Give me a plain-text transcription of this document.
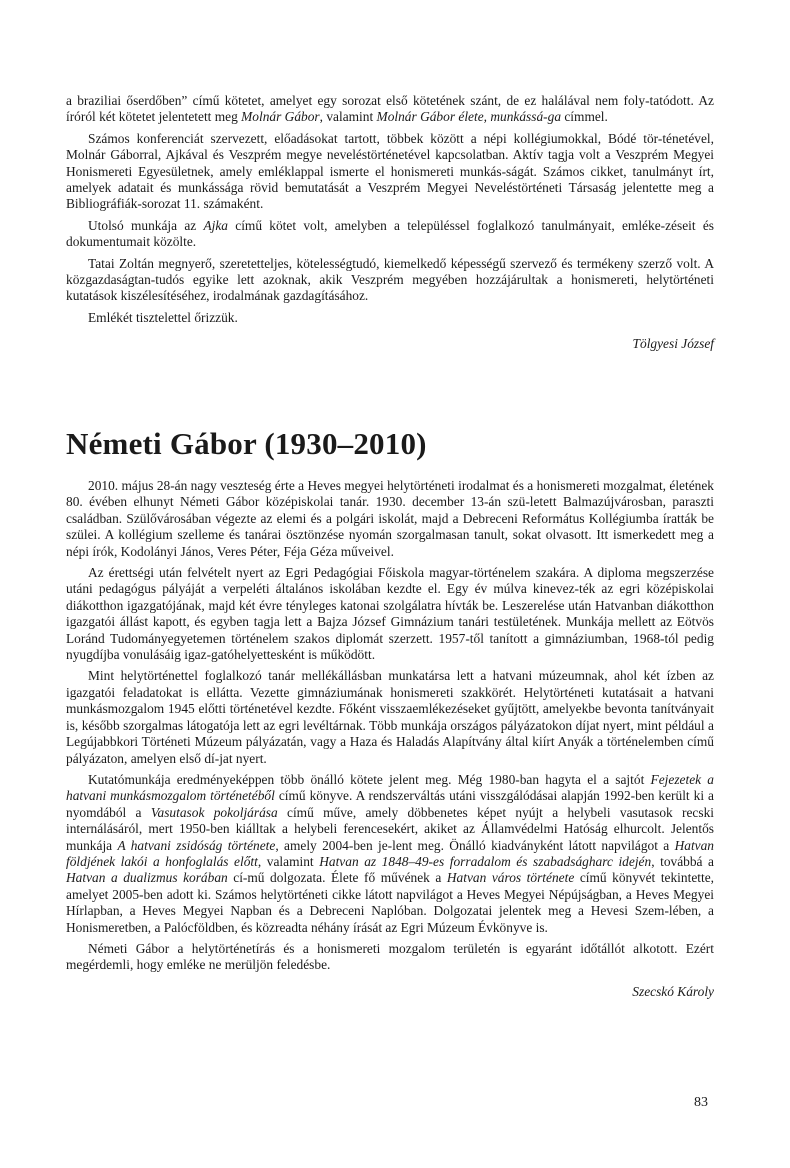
a braziliai őserdőben” című kötetet, amelyet egy sorozat első kötetének szánt, de ez halálával nem foly-tatódott. Az íróról két kötetet jelentetett meg Molnár Gábor, valamint Molnár Gábor élete, munkássá-ga címmel.

Számos konferenciát szervezett, előadásokat tartott, többek között a népi kollégiumokkal, Bódé tör-ténetével, Molnár Gáborral, Ajkával és Veszprém megye neveléstörténetével kapcsolatban. Aktív tagja volt a Veszprém Megyei Honismereti Egyesületnek, amely emléklappal ismerte el honismereti munkás-ságát. Számos cikket, tanulmányt írt, amelyek adatait és munkássága rövid bemutatását a Veszprém Megyei Neveléstörténeti Társaság jelentette meg a Bibliográfiák-sorozat 11. számaként.

Utolsó munkája az Ajka című kötet volt, amelyben a településsel foglalkozó tanulmányait, emléke-zéseit és dokumentumait közölte.

Tatai Zoltán megnyerő, szeretetteljes, kötelességtudó, kiemelkedő képességű szervező és termékeny szerző volt. A közgazdaságtan-tudós egyike lett azoknak, akik Veszprém megyében hozzájárultak a honismereti, helytörténeti kutatások kiszélesítéséhez, irodalmának gazdagításához.

Emlékét tisztelettel őrizzük.

Tölgyesi József

Németi Gábor (1930–2010)

2010. május 28-án nagy veszteség érte a Heves megyei helytörténeti irodalmat és a honismereti mozgalmat, életének 80. évében elhunyt Németi Gábor középiskolai tanár. 1930. december 13-án szü-letett Balmazújvárosban, paraszti családban. Szülővárosában végezte az elemi és a polgári iskolát, majd a Debreceni Református Kollégiumba íratták be szülei. A kollégium szelleme és tanárai ösztönzése nyomán szorgalmasan tanult, sokat olvasott. Itt ismerkedett meg a népi írók, Kodolányi János, Veres Péter, Féja Géza műveivel.

Az érettségi után felvételt nyert az Egri Pedagógiai Főiskola magyar-történelem szakára. A diploma megszerzése utáni pedagógus pályáját a verpeléti általános iskolában kezdte el. Egy év múlva kinevez-ték az egri középiskolai diákotthon igazgatójának, majd két évre tényleges katonai szolgálatra hívták be. Leszerelése után Hatvanban diákotthon igazgatói állást kapott, és egyben tagja lett a Bajza József Gimnázium tanári testületének. Munkája mellett az Eötvös Loránd Tudományegyetemen történelem szakos diplomát szerzett. 1957-től tanított a gimnáziumban, 1968-tól pedig nyugdíjba vonulásáig igaz-gatóhelyettesként is működött.

Mint helytörténettel foglalkozó tanár mellékállásban munkatársa lett a hatvani múzeumnak, ahol két ízben az igazgatói feladatokat is ellátta. Vezette gimnáziumának honismereti szakkörét. Helytörténeti kutatásait a hatvani munkásmozgalom 1945 előtti történetével kezdte. Főként visszaemlékezéseket gyűjtött, amelyekbe bevonta tanítványait is, később szorgalmas látogatója lett az egri levéltárnak. Több munkája országos pályázatokon díjat nyert, mint például a Legújabbkori Történeti Múzeum pályázatán, vagy a Haza és Haladás Alapítvány által kiírt Anyák a történelemben című pályázaton, amelyen első dí-jat nyert.

Kutatómunkája eredményeképpen több önálló kötete jelent meg. Még 1980-ban hagyta el a sajtót Fejezetek a hatvani munkásmozgalom történetéből című könyve. A rendszerváltás utáni visszgálódásai alapján 1992-ben került ki a nyomdából a Vasutasok pokoljárása című műve, amely döbbenetes képet nyújt a helybeli vasutasok recski internálásáról, mert 1950-ben kiálltak a helybeli ferencesekért, akiket az Államvédelmi Hatóság elhurcolt. Jelentős munkája A hatvani zsidóság története, amely 2004-ben je-lent meg. Önálló kiadványként látott napvilágot a Hatvan földjének lakói a honfoglalás előtt, valamint Hatvan az 1848–49-es forradalom és szabadságharc idején, továbbá a Hatvan a dualizmus korában cí-mű dolgozata. Élete fő művének a Hatvan város története című könyvét tekintette, amelyet 2005-ben adott ki. Számos helytörténeti cikke látott napvilágot a Heves Megyei Népújságban, a Heves Megyei Hírlapban, a Heves Megyei Napban és a Debreceni Naplóban. Dolgozatai jelentek meg a Hevesi Szem-lében, a Honismeretben, a Palócföldben, és közreadta néhány írását az Egri Múzeum Évkönyve is.

Németi Gábor a helytörténetírás és a honismereti mozgalom területén is egyaránt időtállót alkotott. Ezért megérdemli, hogy emléke ne merüljön feledésbe.

Szecskó Károly

83
